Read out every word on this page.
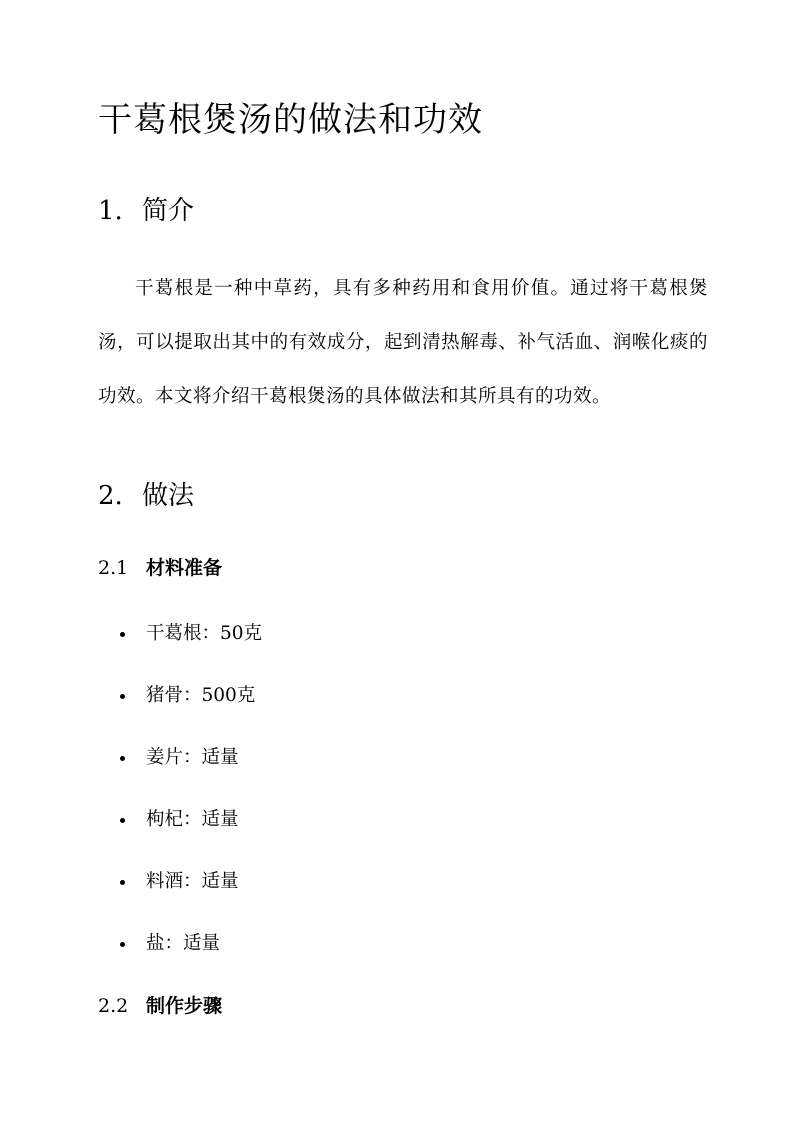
干葛根煲汤的做法和功效
1. 简介

干葛根是一种中草药，具有多种药用和食用价值。通过将干葛根煲汤，可以提取出其中的有效成分，起到清热解毒、补气活血、润喉化痰的功效。本文将介绍干葛根煲汤的具体做法和其所具有的功效。

2. 做法
2.1 材料准备
干葛根：50克
猪骨：500克
姜片：适量
枸杞：适量
料酒：适量
盐：适量
2.2 制作步骤
